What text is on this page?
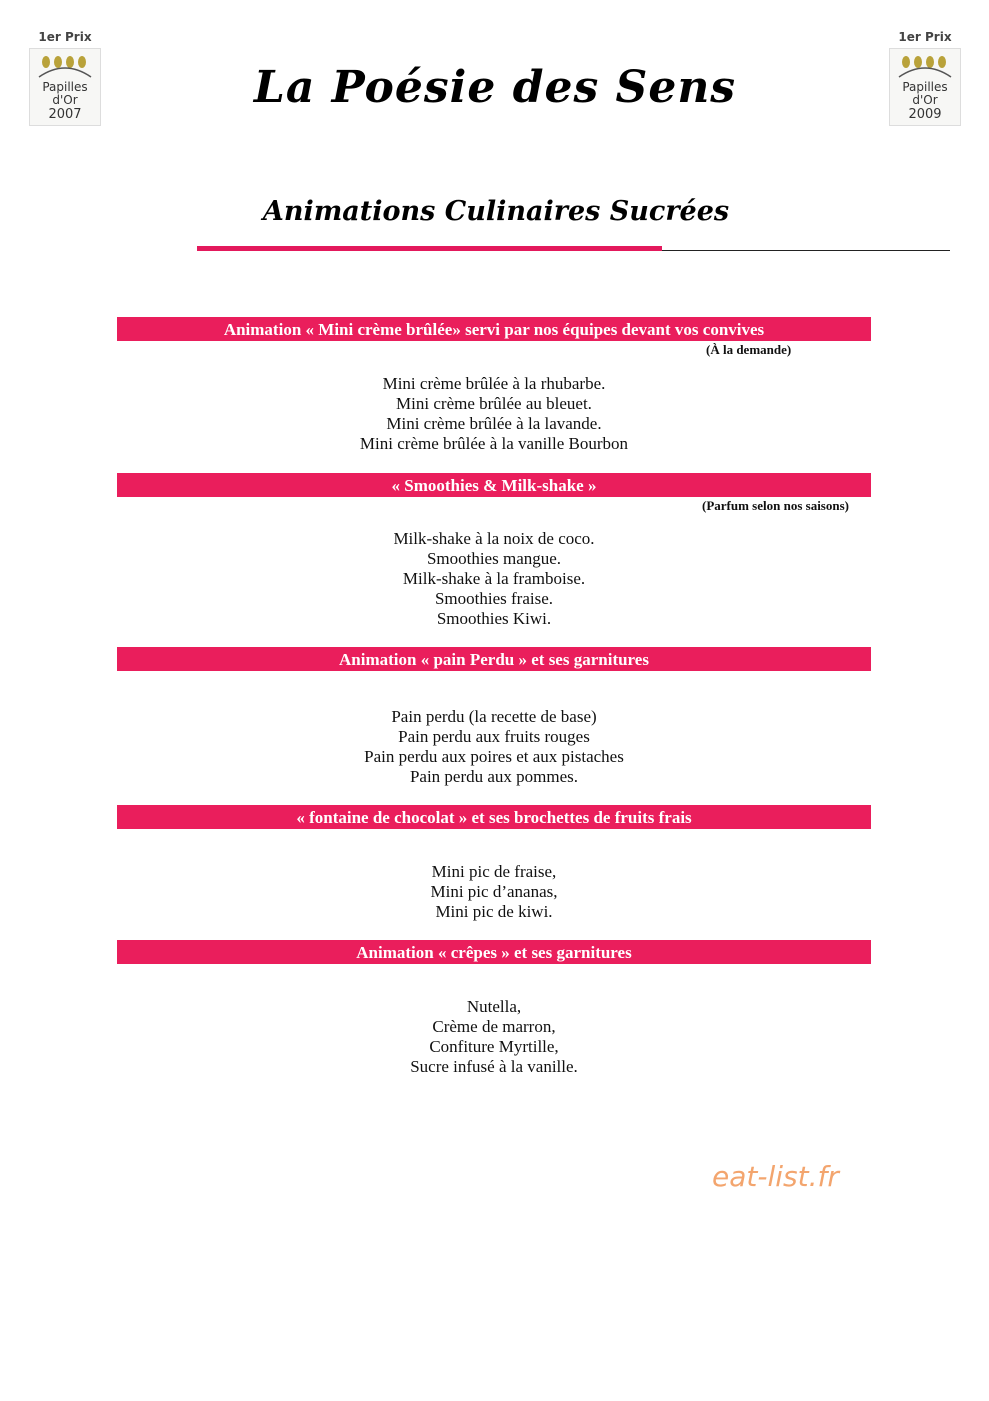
1er Prix
Papilles
d'Or
2007
1er Prix
Papilles
d'Or
2009
La Poésie des Sens
Animations Culinaires Sucrées
Animation « Mini crème brûlée» servi par nos équipes devant vos convives
(À la demande)
Mini crème brûlée à la rhubarbe.
Mini crème brûlée au bleuet.
Mini crème brûlée à la lavande.
Mini crème brûlée à la vanille Bourbon
« Smoothies & Milk-shake »
(Parfum selon nos saisons)
Milk-shake à la noix de coco.
Smoothies mangue.
Milk-shake à la framboise.
Smoothies fraise.
Smoothies Kiwi.
Animation « pain Perdu » et ses garnitures
Pain perdu (la recette de base)
Pain perdu aux fruits rouges
Pain perdu aux poires et aux pistaches
Pain perdu aux pommes.
« fontaine de chocolat » et ses brochettes de fruits frais
Mini pic de fraise,
Mini pic d’ananas,
Mini pic de kiwi.
Animation « crêpes » et ses garnitures
Nutella,
Crème de marron,
Confiture Myrtille,
Sucre infusé à la vanille.
eat-list.fr
